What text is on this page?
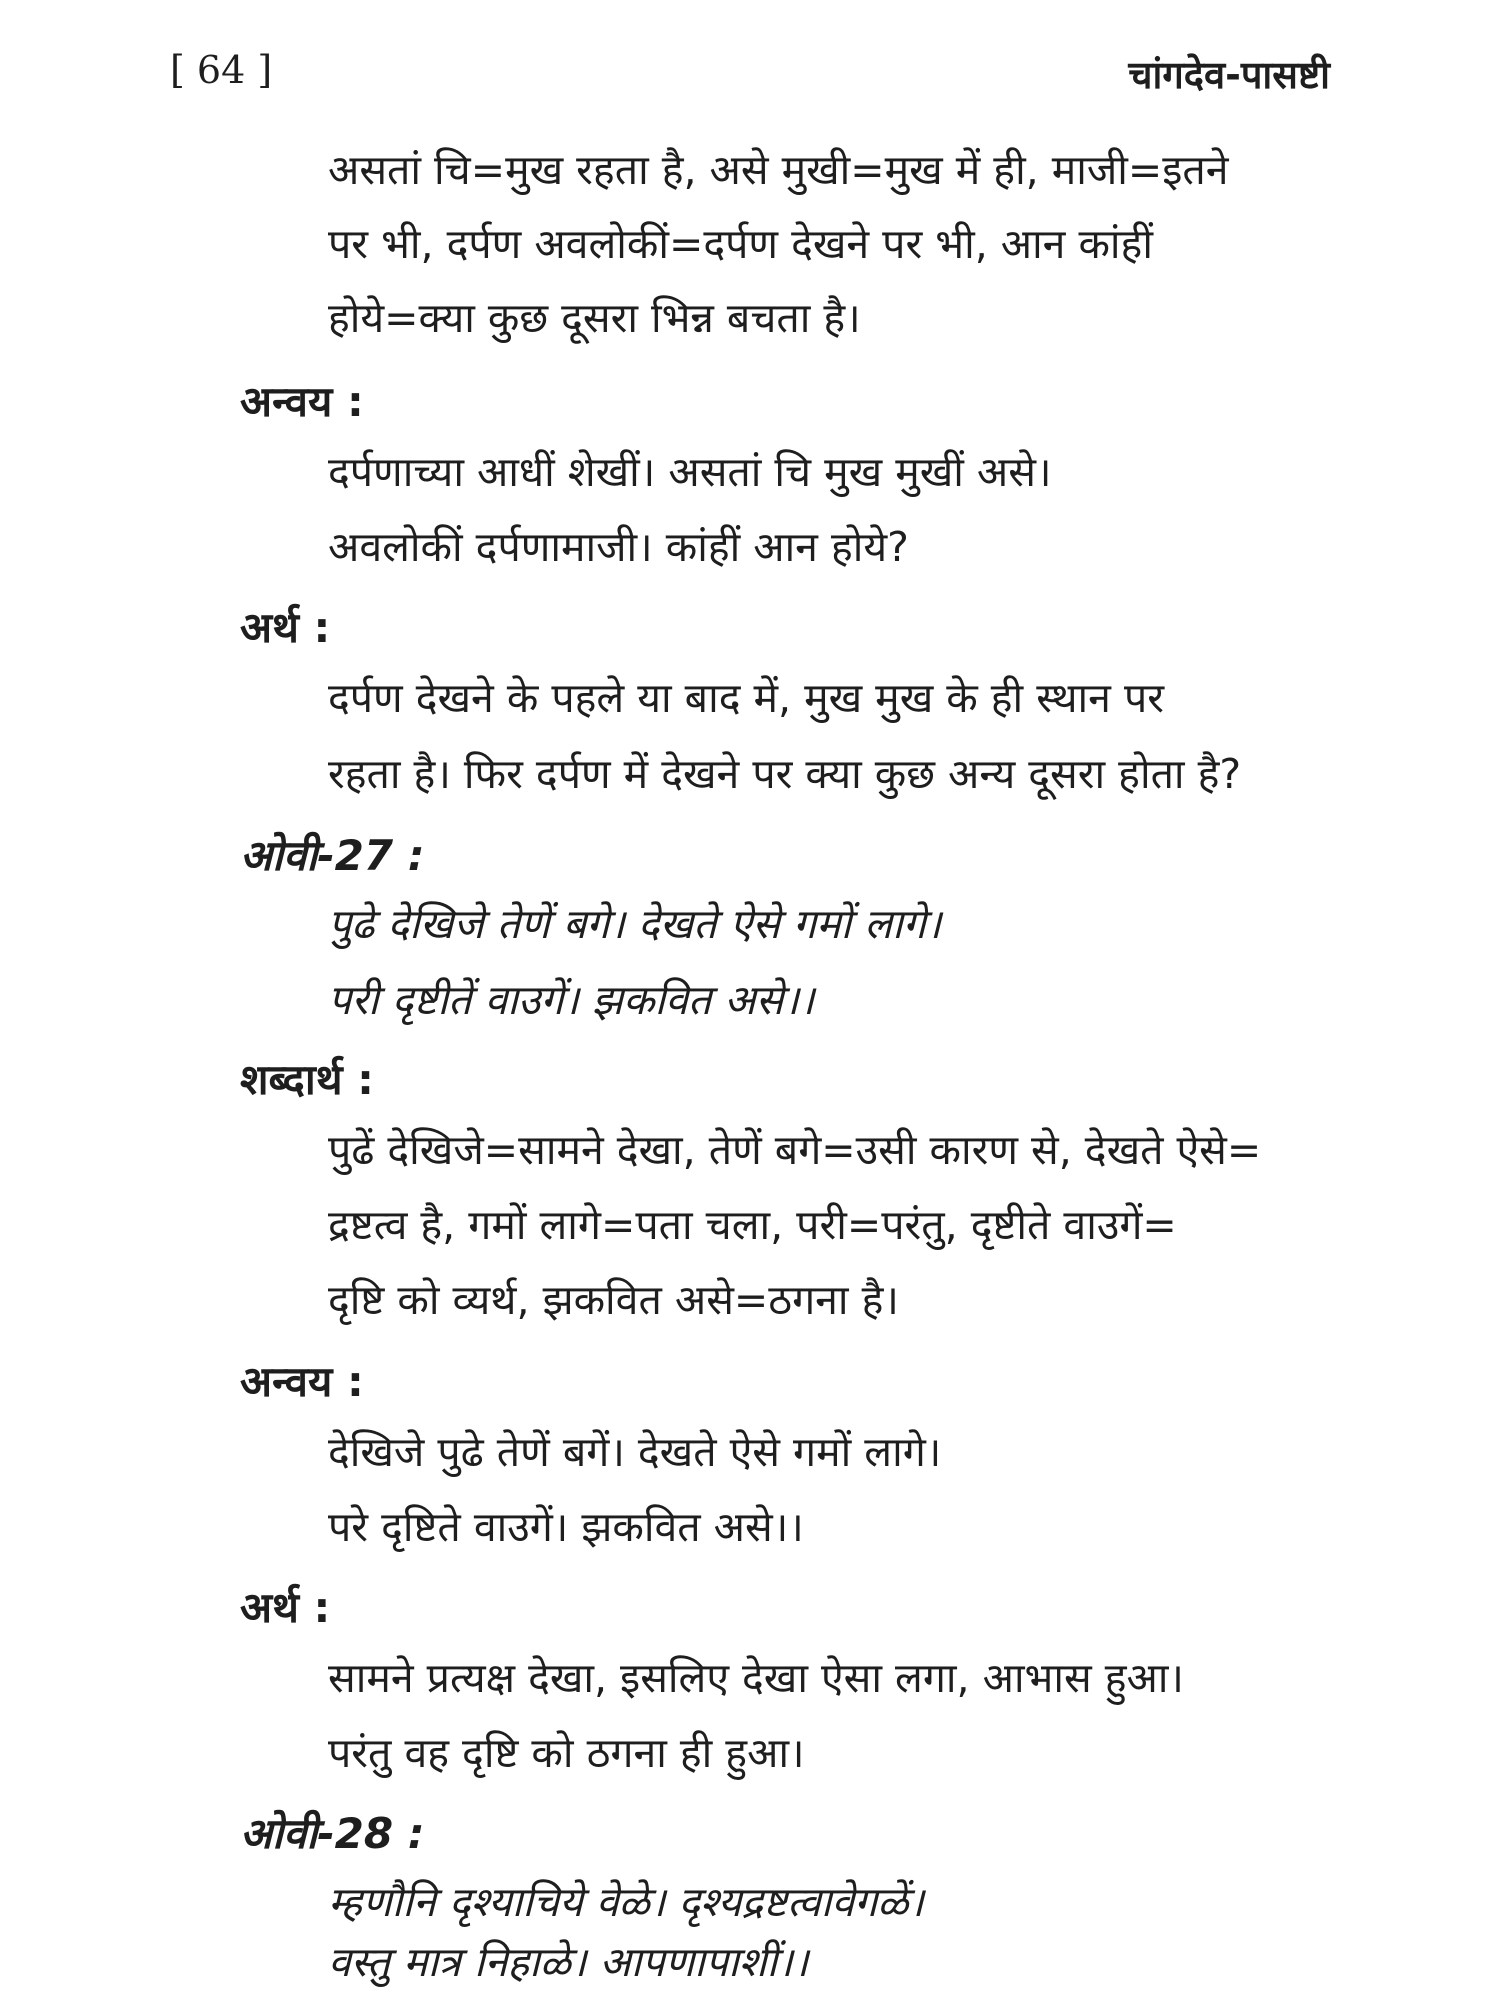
[ 64 ]	चांगदेव-पासष्टी
असतां चि=मुख रहता है, असे मुखी=मुख में ही, माजी=इतने
पर भी, दर्पण अवलोकीं=दर्पण देखने पर भी, आन कांहीं
होये=क्या कुछ दूसरा भिन्न बचता है।
अन्वय :
दर्पणाच्या आधीं शेखीं। असतां चि मुख मुखीं असे।
अवलोकीं दर्पणामाजी। कांहीं आन होये?
अर्थ :
दर्पण देखने के पहले या बाद में, मुख मुख के ही स्थान पर
रहता है। फिर दर्पण में देखने पर क्या कुछ अन्य दूसरा होता है?
ओवी-27 :
पुढे देखिजे तेणें बगे। देखते ऐसे गमों लागे।
परी दृष्टीतें वाउगें। झकवित असे।।
शब्दार्थ :
पुढें देखिजे=सामने देखा, तेणें बगे=उसी कारण से, देखते ऐसे=
द्रष्टत्व है, गमों लागे=पता चला, परी=परंतु, दृष्टीते वाउगें=
दृष्टि को व्यर्थ, झकवित असे=ठगना है।
अन्वय :
देखिजे पुढे तेणें बगें। देखते ऐसे गमों लागे।
परे दृष्टिते वाउगें। झकवित असे।।
अर्थ :
सामने प्रत्यक्ष देखा, इसलिए देखा ऐसा लगा, आभास हुआ।
परंतु वह दृष्टि को ठगना ही हुआ।
ओवी-28 :
म्हणौनि दृश्याचिये वेळे। दृश्यद्रष्टत्वावेगळें।
वस्तु मात्र निहाळे। आपणापाशीं।।
